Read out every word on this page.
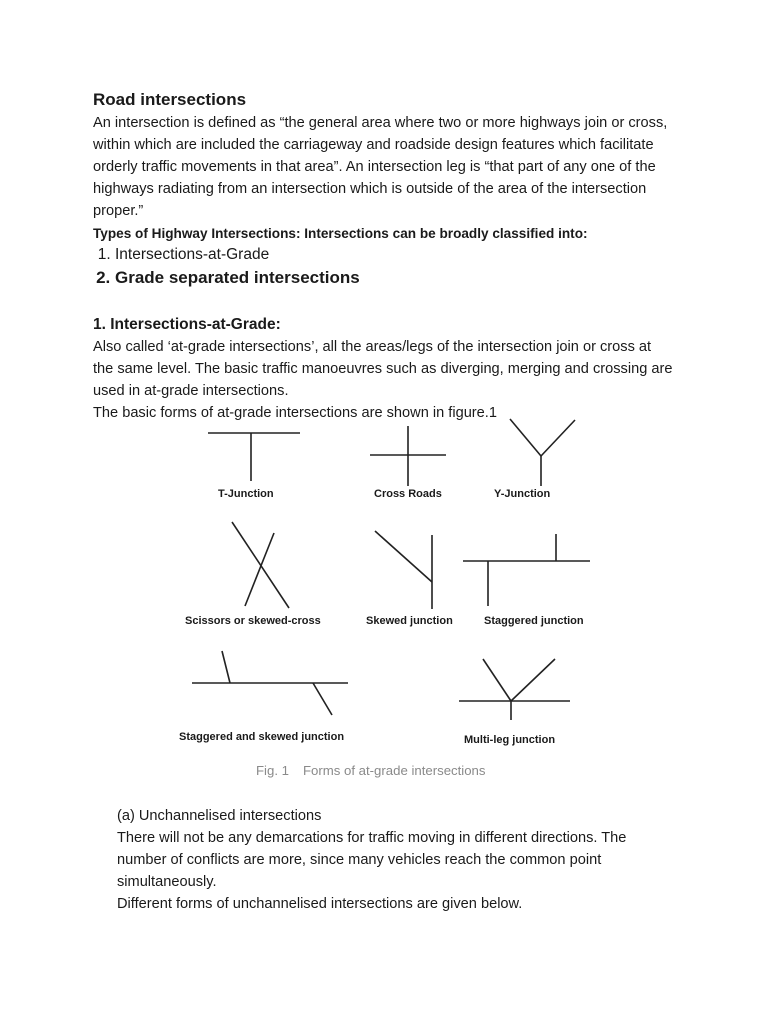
Road intersections

An intersection is defined as “the general area where two or more highways join or cross, within which are included the carriageway and roadside design features which facilitate orderly traffic movements in that area”. An intersection leg is “that part of any one of the highways radiating from an intersection which is outside of the area of the intersection proper.”

Types of Highway Intersections: Intersections can be broadly classified into:

1. Intersections-at-Grade
2. Grade separated intersections

1. Intersections-at-Grade:

Also called ‘at-grade intersections’, all the areas/legs of the intersection join or cross at the same level. The basic traffic manoeuvres such as diverging, merging and crossing are used in at-grade intersections.

The basic forms of at-grade intersections are shown in figure.1

T-Junction	Cross Roads	Y-Junction
Scissors or skewed-cross	Skewed junction	Staggered junction
Staggered and skewed junction	Multi-leg junction
Fig. 1 Forms of at-grade intersections

(a) Unchannelised intersections

There will not be any demarcations for traffic moving in different directions. The number of conflicts are more, since many vehicles reach the common point simultaneously.

Different forms of unchannelised intersections are given below.
